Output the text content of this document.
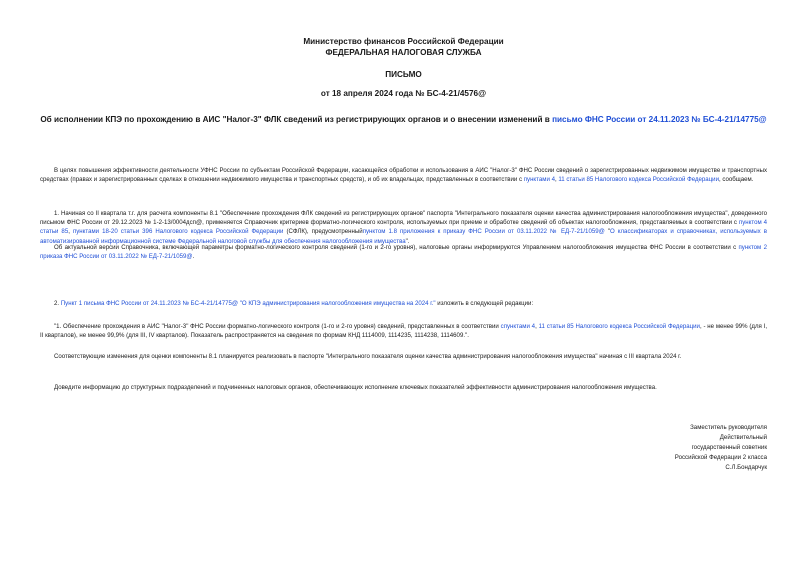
Министерство финансов Российской Федерации
ФЕДЕРАЛЬНАЯ НАЛОГОВАЯ СЛУЖБА
ПИСЬМО
от 18 апреля 2024 года № БС-4-21/4576@
Об исполнении КПЭ по прохождению в АИС "Налог-3" ФЛК сведений из регистрирующих органов и о внесении изменений в письмо ФНС России от 24.11.2023 № БС-4-21/14775@
В целях повышения эффективности деятельности УФНС России по субъектам Российской Федерации, касающейся обработки и использования в АИС "Налог-3" ФНС России сведений о зарегистрированных недвижимом имуществе и транспортных средствах (правах и зарегистрированных сделках в отношении недвижимого имущества и транспортных средств), и об их владельцах, представленных в соответствии с пунктами 4, 11 статьи 85 Налогового кодекса Российской Федерации, сообщаем.
1. Начиная со II квартала т.г. для расчета компоненты 8.1 "Обеспечение прохождения ФЛК сведений из регистрирующих органов" паспорта "Интегрального показателя оценки качества администрирования налогообложения имущества", доведенного письмом ФНС России от 29.12.2023 № 1-2-13/0004дсп@, применяется Справочник критериев форматно-логического контроля, используемых при приеме и обработке сведений об объектах налогообложения, представляемых в соответствии с пунктом 4 статьи 85, пунктами 18-20 статьи 396 Налогового кодекса Российской Федерации (СФЛК), предусмотренныйпунктом 1.8 приложения к приказу ФНС России от 03.11.2022 № ЕД-7-21/1059@ "О классификаторах и справочниках, используемых в автоматизированной информационной системе Федеральной налоговой службы для обеспечения налогообложения имущества".
Об актуальной версии Справочника, включающей параметры форматно-логического контроля сведений (1-го и 2-го уровня), налоговые органы информируются Управлением налогообложения имущества ФНС России в соответствии с пунктом 2 приказа ФНС России от 03.11.2022 № ЕД-7-21/1059@.
2. Пункт 1 письма ФНС России от 24.11.2023 № БС-4-21/14775@ "О КПЭ администрирования налогообложения имущества на 2024 г." изложить в следующей редакции:
"1. Обеспечение прохождения в АИС "Налог-3" ФНС России форматно-логического контроля (1-го и 2-го уровня) сведений, представленных в соответствии спунктами 4, 11 статьи 85 Налогового кодекса Российской Федерации, - не менее 99% (для I, II кварталов), не менее 99,9% (для III, IV кварталов). Показатель распространяется на сведения по формам КНД 1114009, 1114235, 1114238, 1114609.".
Соответствующие изменения для оценки компоненты 8.1 планируется реализовать в паспорте "Интегрального показателя оценки качества администрирования налогообложения имущества" начиная с III квартала 2024 г.
Доведите информацию до структурных подразделений и подчиненных налоговых органов, обеспечивающих исполнение ключевых показателей эффективности администрирования налогообложения имущества.
Заместитель руководителя
Действительный
государственный советник
Российской Федерации 2 класса
С.Л.Бондарчук
